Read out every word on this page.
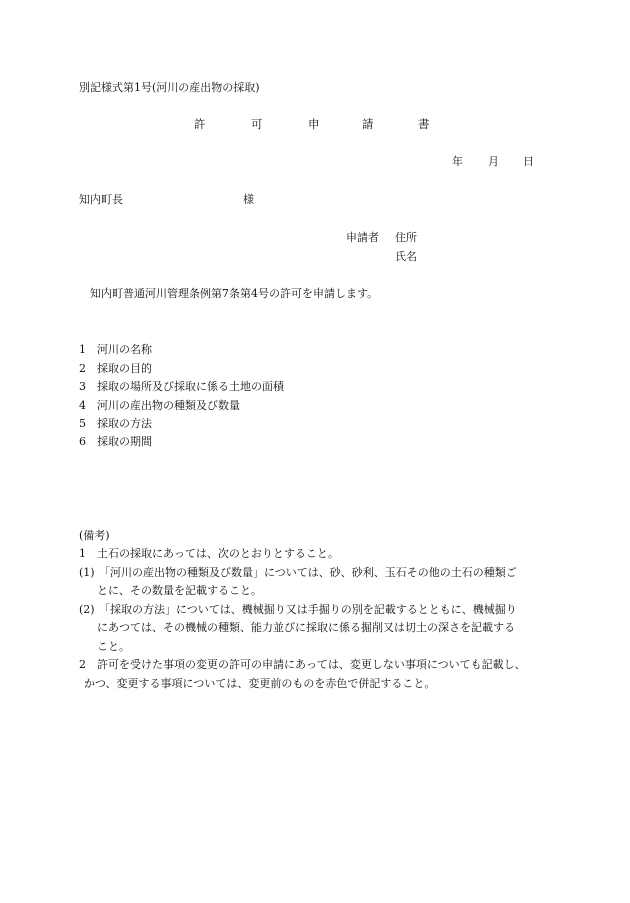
別記様式第1号(河川の産出物の採取)
許	可	申	請	書
年 月 日
知内町長	様
申請者 住所
氏名
知内町普通河川管理条例第7条第4号の許可を申請します。
1 河川の名称
2 採取の目的
3 採取の場所及び採取に係る土地の面積
4 河川の産出物の種類及び数量
5 採取の方法
6 採取の期間
(備考)
1 土石の採取にあっては、次のとおりとすること。
(1) 「河川の産出物の種類及び数量」については、砂、砂利、玉石その他の土石の種類ご
とに、その数量を記載すること。
(2) 「採取の方法」については、機械掘り又は手掘りの別を記載するとともに、機械掘り
にあつては、その機械の種類、能力並びに採取に係る掘削又は切土の深さを記載する
こと。
2 許可を受けた事項の変更の許可の申請にあっては、変更しない事項についても記載し、
かつ、変更する事項については、変更前のものを赤色で併記すること。
